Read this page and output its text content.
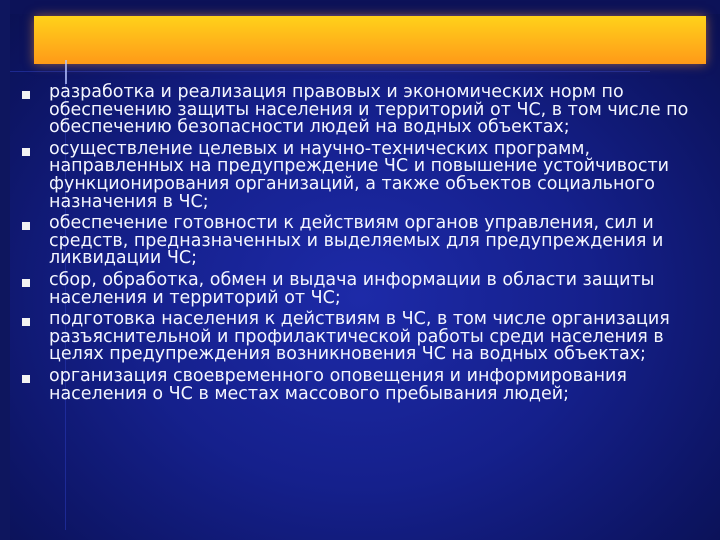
разработка и реализация правовых и экономических норм по обеспечению защиты населения и территорий от ЧС, в том числе по обеспечению безопасности людей на водных объектах;
осуществление целевых и научно-технических программ, направленных на предупреждение ЧС и повышение устойчивости функционирования организаций, а также объектов социального назначения в ЧС;
обеспечение готовности к действиям органов управления, сил и средств, предназначенных и выделяемых для предупреждения и ликвидации ЧС;
сбор, обработка, обмен и выдача информации в области защиты населения и территорий от ЧС;
подготовка населения к действиям в ЧС, в том числе организация разъяснительной и профилактической работы среди населения в целях предупреждения возникновения ЧС на водных объектах;
организация своевременного оповещения и информирования населения о ЧС в местах массового пребывания людей;
